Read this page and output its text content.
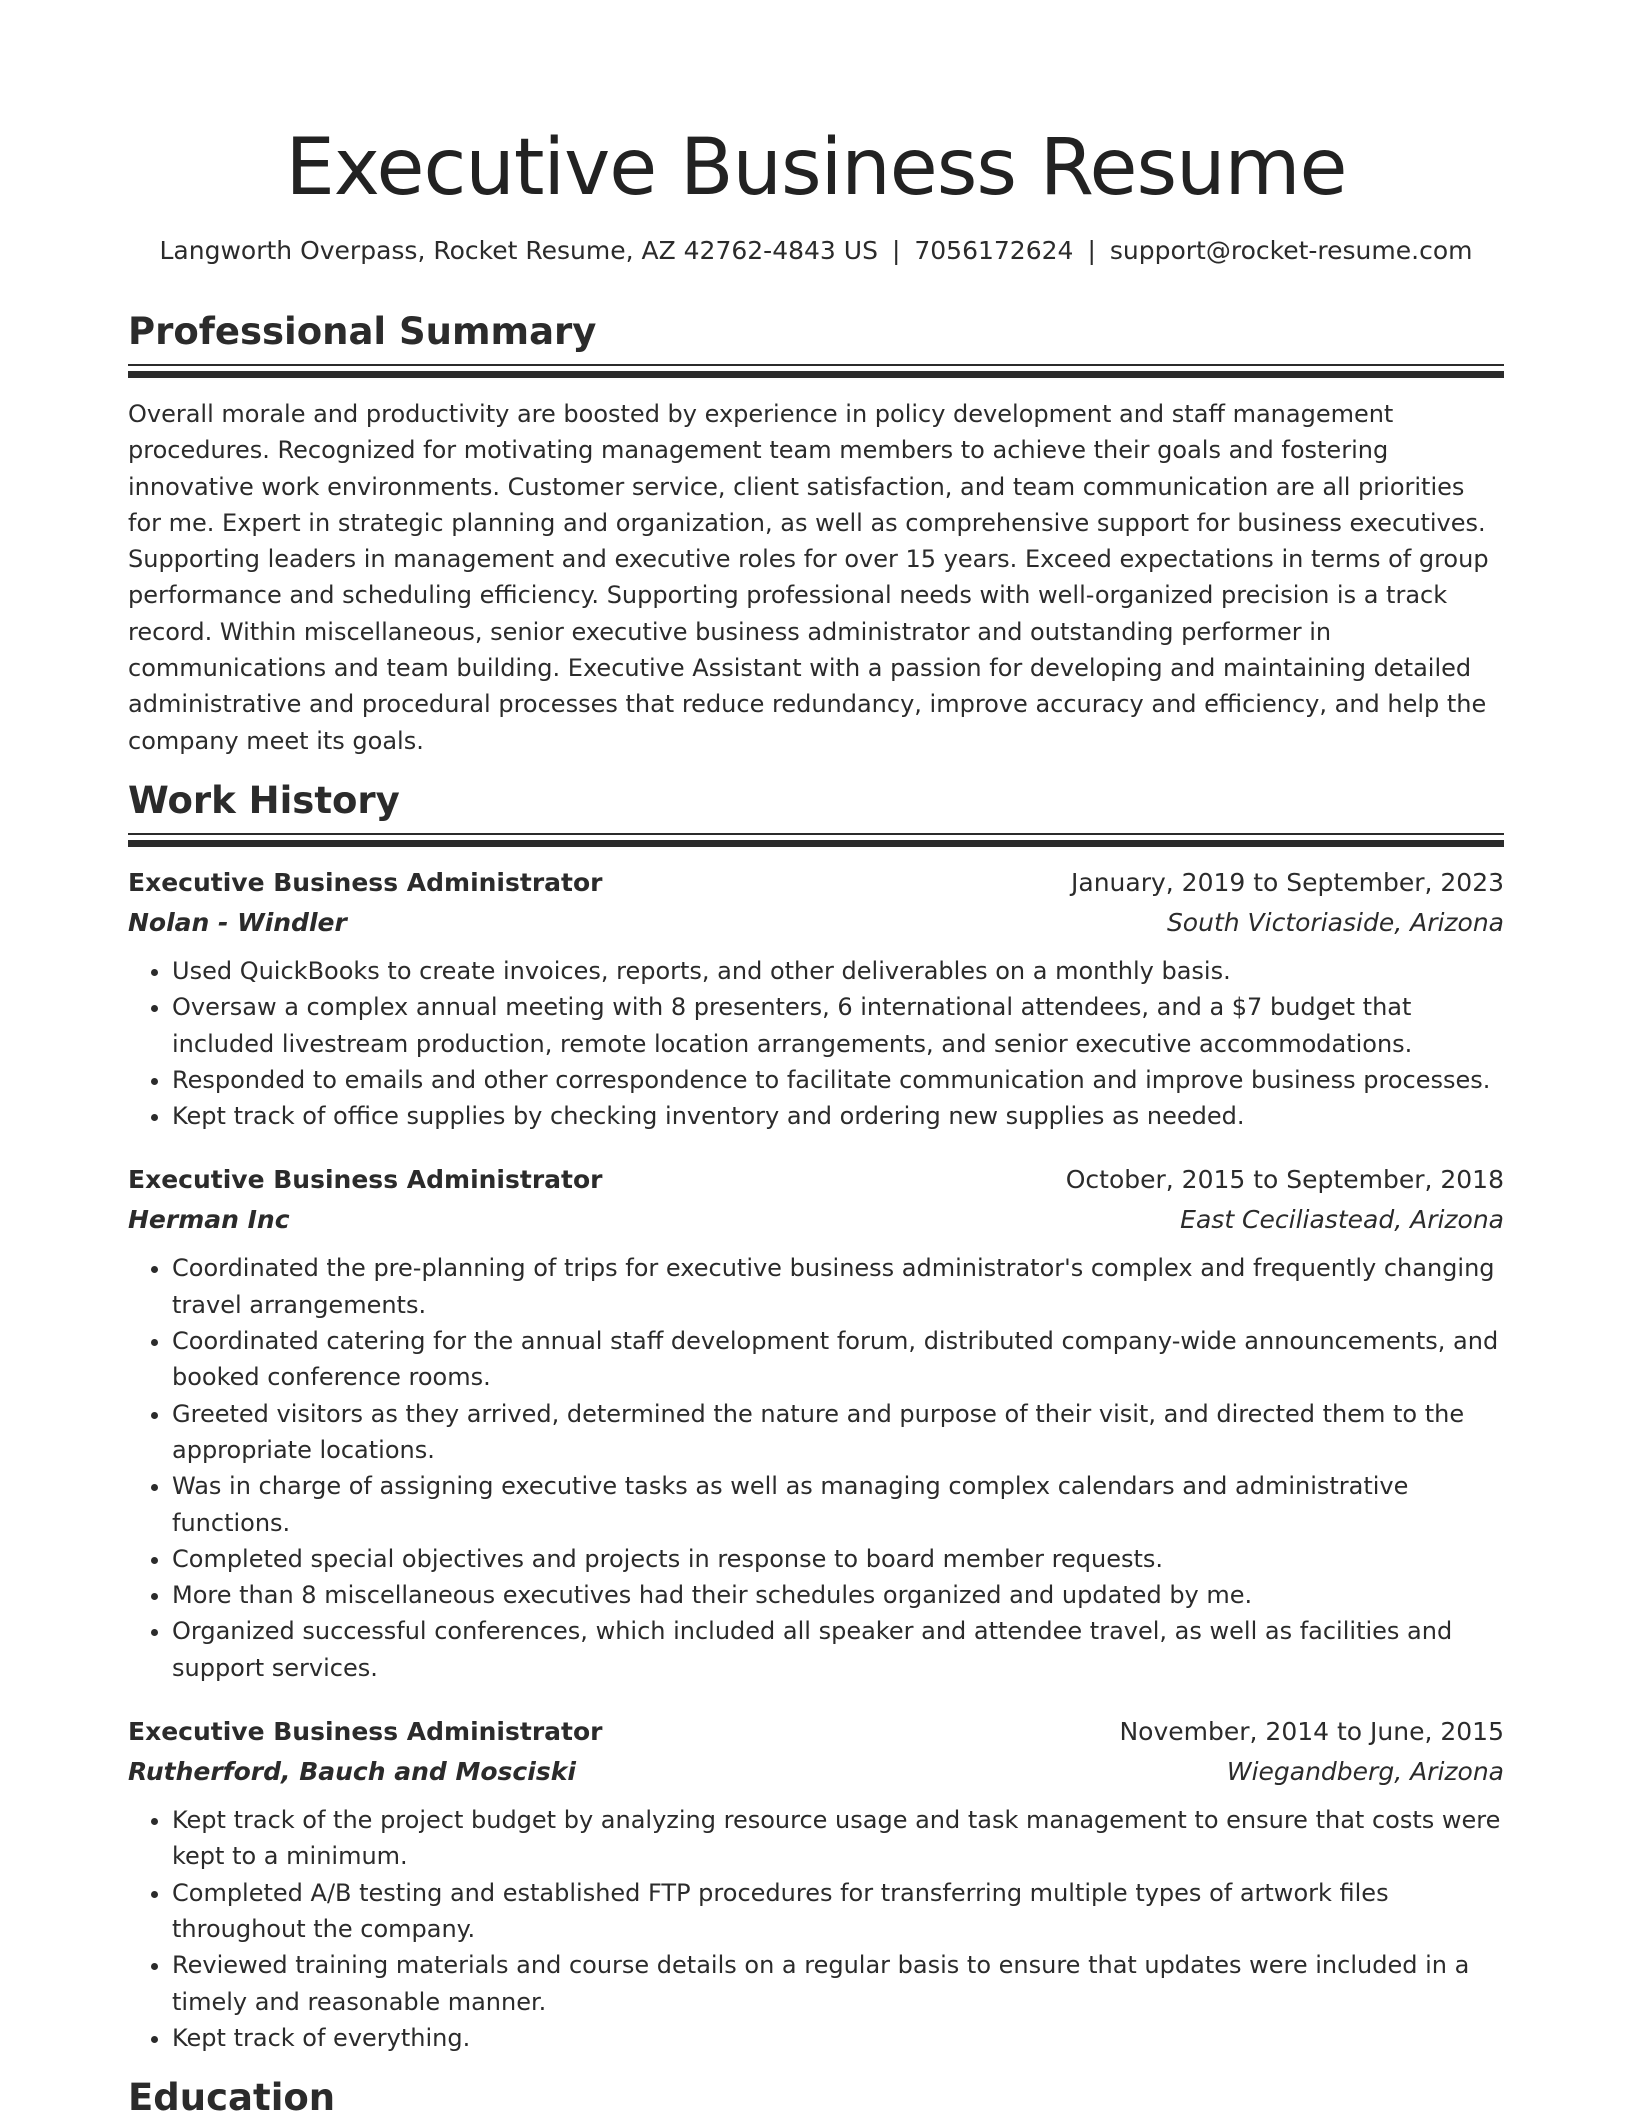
Executive Business Resume
Langworth Overpass, Rocket Resume, AZ 42762-4843 US | 7056172624 | support@rocket-resume.com
Professional Summary

Overall morale and productivity are boosted by experience in policy development and staff management procedures. Recognized for motivating management team members to achieve their goals and fostering innovative work environments. Customer service, client satisfaction, and team communication are all priorities for me. Expert in strategic planning and organization, as well as comprehensive support for business executives. Supporting leaders in management and executive roles for over 15 years. Exceed expectations in terms of group performance and scheduling efficiency. Supporting professional needs with well-organized precision is a track record. Within miscellaneous, senior executive business administrator and outstanding performer in communications and team building. Executive Assistant with a passion for developing and maintaining detailed administrative and procedural processes that reduce redundancy, improve accuracy and efficiency, and help the company meet its goals.

Work History
Executive Business Administrator	January, 2019 to September, 2023
Nolan - Windler	South Victoriaside, Arizona
• Used QuickBooks to create invoices, reports, and other deliverables on a monthly basis.
• Oversaw a complex annual meeting with 8 presenters, 6 international attendees, and a $7 budget that included livestream production, remote location arrangements, and senior executive accommodations.
• Responded to emails and other correspondence to facilitate communication and improve business processes.
• Kept track of office supplies by checking inventory and ordering new supplies as needed.
Executive Business Administrator	October, 2015 to September, 2018
Herman Inc	East Ceciliastead, Arizona
• Coordinated the pre-planning of trips for executive business administrator's complex and frequently changing travel arrangements.
• Coordinated catering for the annual staff development forum, distributed company-wide announcements, and booked conference rooms.
• Greeted visitors as they arrived, determined the nature and purpose of their visit, and directed them to the appropriate locations.
• Was in charge of assigning executive tasks as well as managing complex calendars and administrative functions.
• Completed special objectives and projects in response to board member requests.
• More than 8 miscellaneous executives had their schedules organized and updated by me.
• Organized successful conferences, which included all speaker and attendee travel, as well as facilities and support services.
Executive Business Administrator	November, 2014 to June, 2015
Rutherford, Bauch and Mosciski	Wiegandberg, Arizona
• Kept track of the project budget by analyzing resource usage and task management to ensure that costs were kept to a minimum.
• Completed A/B testing and established FTP procedures for transferring multiple types of artwork files throughout the company.
• Reviewed training materials and course details on a regular basis to ensure that updates were included in a timely and reasonable manner.
• Kept track of everything.
Education
